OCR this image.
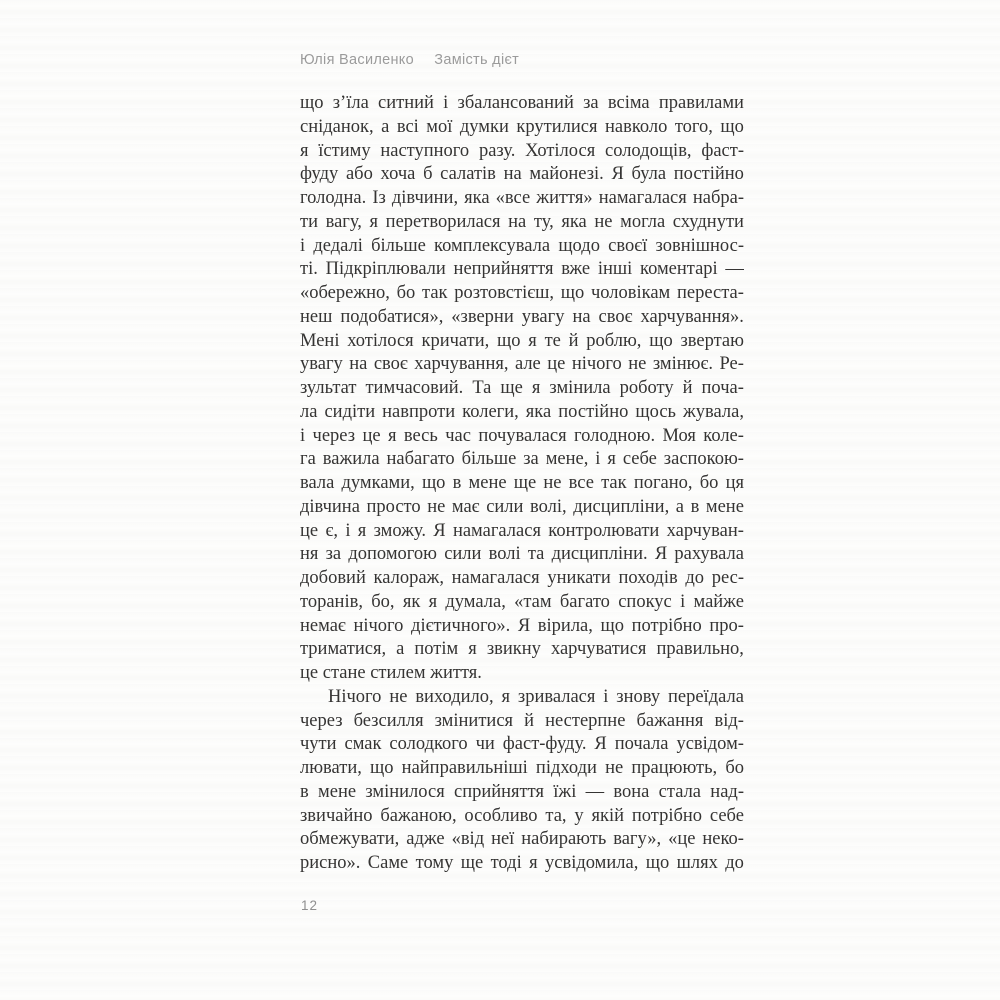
Юлія Василенко Замість дієт
що з’їла ситний і збалансований за всіма правилами
сніданок, а всі мої думки крутилися навколо того, що
я їстиму наступного разу. Хотілося солодощів, фаст-
фуду або хоча б салатів на майонезі. Я була постійно
голодна. Із дівчини, яка «все життя» намагалася набра-
ти вагу, я перетворилася на ту, яка не могла схуднути
і дедалі більше комплексувала щодо своєї зовнішнос-
ті. Підкріплювали неприйняття вже інші коментарі —
«обережно, бо так розтовстієш, що чоловікам переста-
неш подобатися», «зверни увагу на своє харчування».
Мені хотілося кричати, що я те й роблю, що звертаю
увагу на своє харчування, але це нічого не змінює. Ре-
зультат тимчасовий. Та ще я змінила роботу й поча-
ла сидіти навпроти колеги, яка постійно щось жувала,
і через це я весь час почувалася голодною. Моя коле-
га важила набагато більше за мене, і я себе заспокою-
вала думками, що в мене ще не все так погано, бо ця
дівчина просто не має сили волі, дисципліни, а в мене
це є, і я зможу. Я намагалася контролювати харчуван-
ня за допомогою сили волі та дисципліни. Я рахувала
добовий калораж, намагалася уникати походів до рес-
торанів, бо, як я думала, «там багато спокус і майже
немає нічого дієтичного». Я вірила, що потрібно про-
триматися, а потім я звикну харчуватися правильно,
це стане стилем життя.
Нічого не виходило, я зривалася і знову переїдала
через безсилля змінитися й нестерпне бажання від-
чути смак солодкого чи фаст-фуду. Я почала усвідом-
лювати, що найправильніші підходи не працюють, бо
в мене змінилося сприйняття їжі — вона стала над-
звичайно бажаною, особливо та, у якій потрібно себе
обмежувати, адже «від неї набирають вагу», «це неко-
рисно». Саме тому ще тоді я усвідомила, що шлях до
12
